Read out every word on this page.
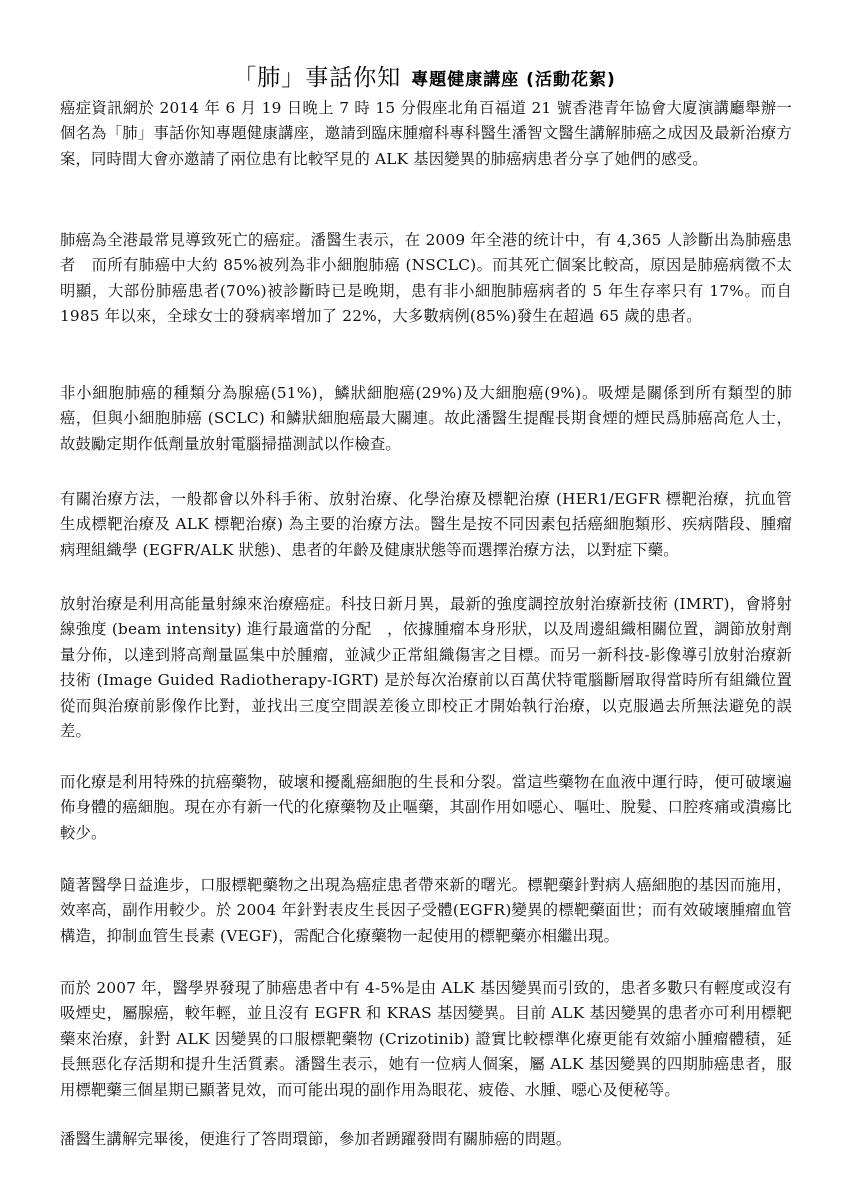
「肺」事話你知 專題健康講座 (活動花絮)

癌症資訊網於 2014 年 6 月 19 日晚上 7 時 15 分假座北角百福道 21 號香港青年協會大廈演講廳舉辦一個名為「肺」事話你知專題健康講座，邀請到臨床腫瘤科專科醫生潘智文醫生講解肺癌之成因及最新治療方案，同時間大會亦邀請了兩位患有比較罕見的 ALK 基因變異的肺癌病患者分享了她們的感受。

肺癌為全港最常見導致死亡的癌症。潘醫生表示，在 2009 年全港的统计中，有 4,365 人診斷出為肺癌患者　而所有肺癌中大約 85%被列為非小細胞肺癌 (NSCLC)。而其死亡個案比較高，原因是肺癌病徵不太明顯，大部份肺癌患者(70%)被診斷時已是晚期，患有非小細胞肺癌病者的 5 年生存率只有 17%。而自 1985 年以來，全球女士的發病率增加了 22%，大多數病例(85%)發生在超過 65 歲的患者。

非小細胞肺癌的種類分為腺癌(51%)，鱗狀細胞癌(29%)及大細胞癌(9%)。吸煙是關係到所有類型的肺癌，但與小細胞肺癌 (SCLC) 和鱗狀細胞癌最大關連。故此潘醫生提醒長期食煙的煙民爲肺癌高危人士，故鼓勵定期作低劑量放射電腦掃描測試以作檢查。

有關治療方法，一般都會以外科手術、放射治療、化學治療及標靶治療 (HER1/EGFR 標靶治療，抗血管生成標靶治療及 ALK 標靶治療) 為主要的治療方法。醫生是按不同因素包括癌細胞類形、疾病階段、腫瘤病理組織學 (EGFR/ALK 狀態)、患者的年齡及健康狀態等而選擇治療方法，以對症下藥。

放射治療是利用高能量射線來治療癌症。科技日新月異，最新的強度調控放射治療新技術 (IMRT)，會將射線強度 (beam intensity) 進行最適當的分配　，依據腫瘤本身形狀，以及周邊組織相關位置，調節放射劑量分佈，以達到將高劑量區集中於腫瘤，並減少正常組織傷害之目標。而另一新科技-影像導引放射治療新技術 (Image Guided Radiotherapy-IGRT) 是於每次治療前以百萬伏特電腦斷層取得當時所有組織位置從而與治療前影像作比對，並找出三度空間誤差後立即校正才開始執行治療，以克服過去所無法避免的誤差。

而化療是利用特殊的抗癌藥物，破壞和擾亂癌細胞的生長和分裂。當這些藥物在血液中運行時，便可破壞遍佈身體的癌細胞。現在亦有新一代的化療藥物及止嘔藥，其副作用如噁心、嘔吐、脫髮、口腔疼痛或潰瘍比較少。

隨著醫學日益進步，口服標靶藥物之出現為癌症患者帶來新的曙光。標靶藥針對病人癌細胞的基因而施用，效率高，副作用較少。於 2004 年針對表皮生長因子受體(EGFR)變異的標靶藥面世；而有效破壞腫瘤血管構造，抑制血管生長素 (VEGF)，需配合化療藥物一起使用的標靶藥亦相繼出現。

而於 2007 年，醫學界發現了肺癌患者中有 4-5%是由 ALK 基因變異而引致的，患者多數只有輕度或沒有吸煙史，屬腺癌，較年輕，並且沒有 EGFR 和 KRAS 基因變異。目前 ALK 基因變異的患者亦可利用標靶藥來治療，針對 ALK 因變異的口服標靶藥物 (Crizotinib) 證實比較標準化療更能有效縮小腫瘤體積，延長無惡化存活期和提升生活質素。潘醫生表示，她有一位病人個案，屬 ALK 基因變異的四期肺癌患者，服用標靶藥三個星期已顯著見效，而可能出現的副作用為眼花、疲倦、水腫、噁心及便秘等。

潘醫生講解完畢後，便進行了答問環節，參加者踴躍發問有關肺癌的問題。
